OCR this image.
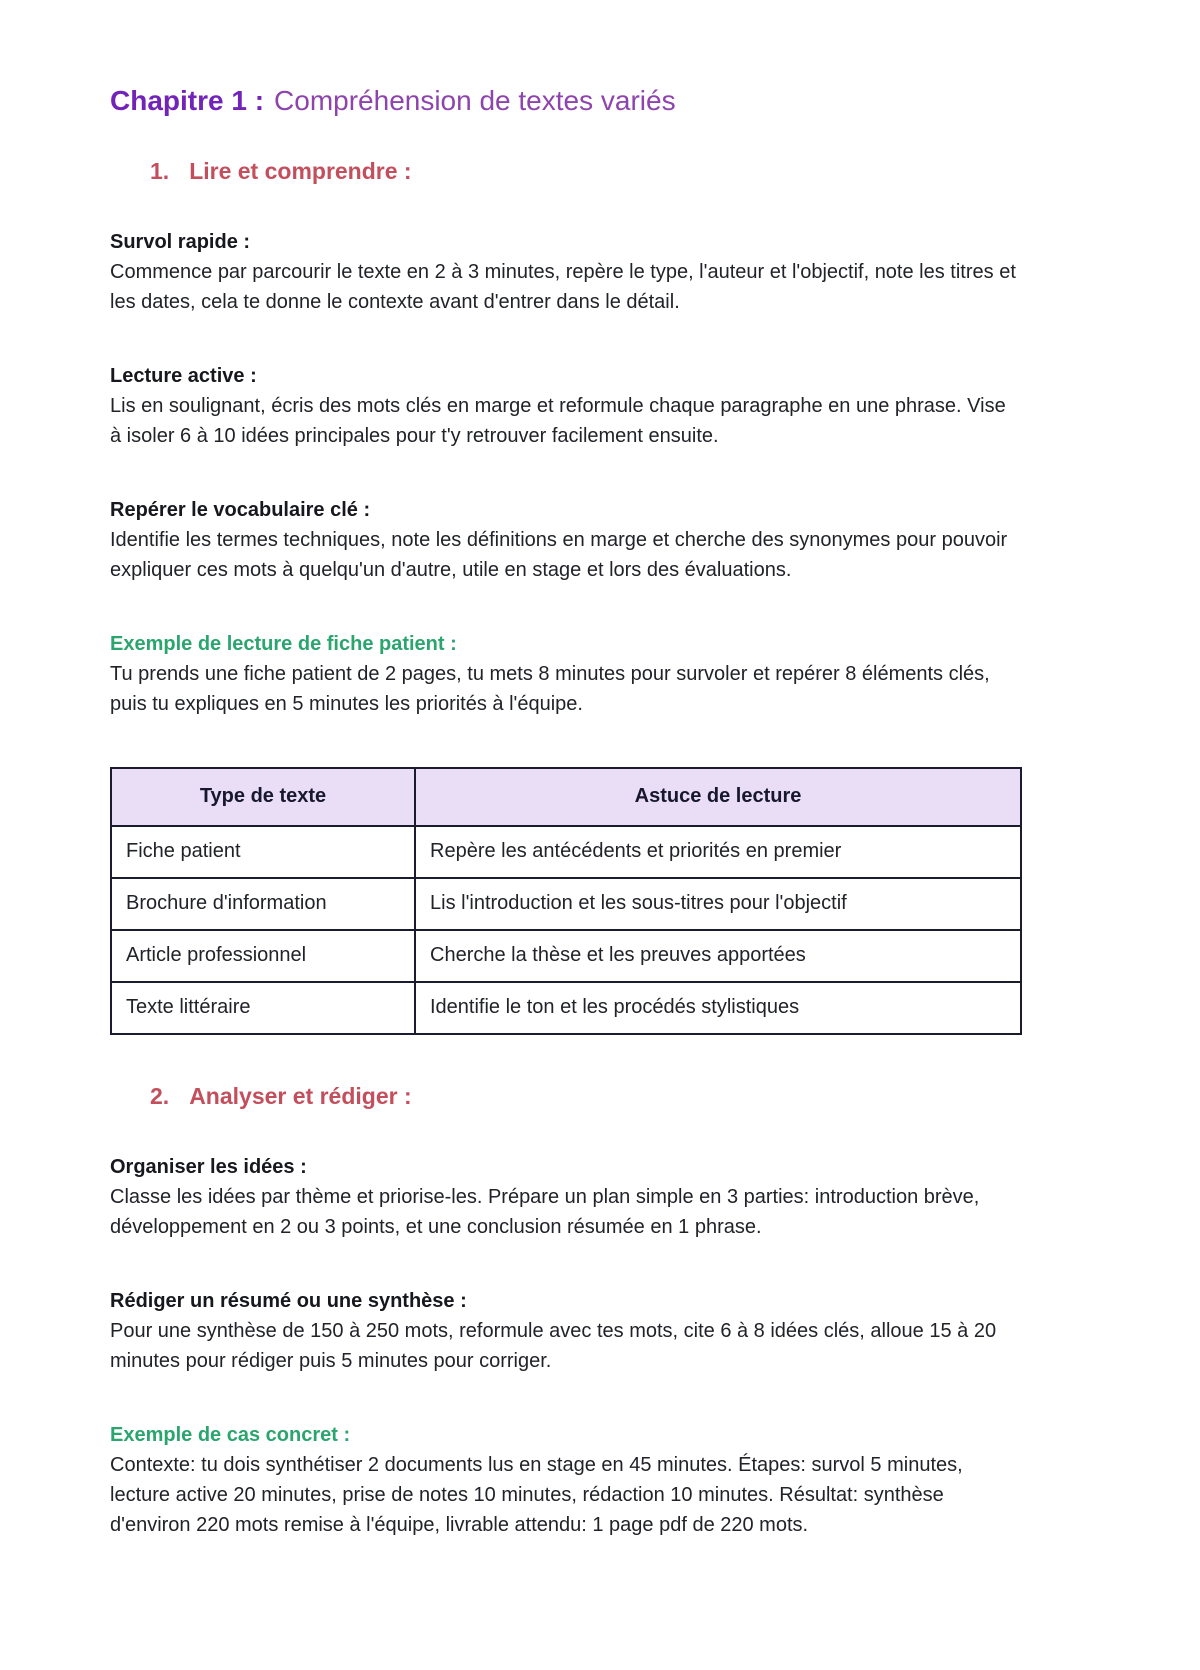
Chapitre 1 : Compréhension de textes variés
1. Lire et comprendre :

Survol rapide :

Commence par parcourir le texte en 2 à 3 minutes, repère le type, l'auteur et l'objectif, note les titres et les dates, cela te donne le contexte avant d'entrer dans le détail.

Lecture active :

Lis en soulignant, écris des mots clés en marge et reformule chaque paragraphe en une phrase. Vise à isoler 6 à 10 idées principales pour t'y retrouver facilement ensuite.

Repérer le vocabulaire clé :

Identifie les termes techniques, note les définitions en marge et cherche des synonymes pour pouvoir expliquer ces mots à quelqu'un d'autre, utile en stage et lors des évaluations.

Exemple de lecture de fiche patient :

Tu prends une fiche patient de 2 pages, tu mets 8 minutes pour survoler et repérer 8 éléments clés, puis tu expliques en 5 minutes les priorités à l'équipe.

Type de texte	Astuce de lecture
Fiche patient	Repère les antécédents et priorités en premier
Brochure d'information	Lis l'introduction et les sous-titres pour l'objectif
Article professionnel	Cherche la thèse et les preuves apportées
Texte littéraire	Identifie le ton et les procédés stylistiques
2. Analyser et rédiger :

Organiser les idées :

Classe les idées par thème et priorise-les. Prépare un plan simple en 3 parties: introduction brève, développement en 2 ou 3 points, et une conclusion résumée en 1 phrase.

Rédiger un résumé ou une synthèse :

Pour une synthèse de 150 à 250 mots, reformule avec tes mots, cite 6 à 8 idées clés, alloue 15 à 20 minutes pour rédiger puis 5 minutes pour corriger.

Exemple de cas concret :

Contexte: tu dois synthétiser 2 documents lus en stage en 45 minutes. Étapes: survol 5 minutes, lecture active 20 minutes, prise de notes 10 minutes, rédaction 10 minutes. Résultat: synthèse d'environ 220 mots remise à l'équipe, livrable attendu: 1 page pdf de 220 mots.
